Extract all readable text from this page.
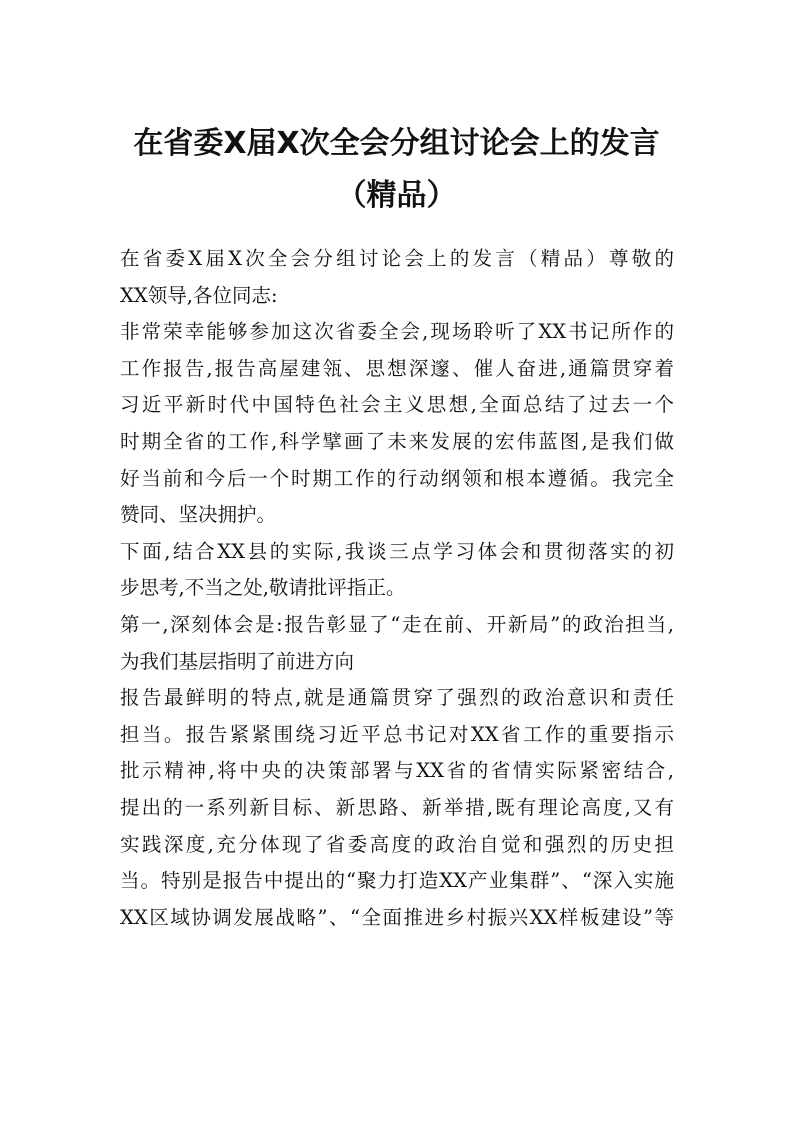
在省委X届X次全会分组讨论会上的发言
（精品）
在省委X届X次全会分组讨论会上的发言（精品）尊敬的
XX领导,各位同志:
非常荣幸能够参加这次省委全会,现场聆听了XX书记所作的
工作报告,报告高屋建瓴、思想深邃、催人奋进,通篇贯穿着
习近平新时代中国特色社会主义思想,全面总结了过去一个
时期全省的工作,科学擘画了未来发展的宏伟蓝图,是我们做
好当前和今后一个时期工作的行动纲领和根本遵循。我完全
赞同、坚决拥护。
下面,结合XX县的实际,我谈三点学习体会和贯彻落实的初
步思考,不当之处,敬请批评指正。
第一,深刻体会是:报告彰显了“走在前、开新局”的政治担当,
为我们基层指明了前进方向
报告最鲜明的特点,就是通篇贯穿了强烈的政治意识和责任
担当。报告紧紧围绕习近平总书记对XX省工作的重要指示
批示精神,将中央的决策部署与XX省的省情实际紧密结合,
提出的一系列新目标、新思路、新举措,既有理论高度,又有
实践深度,充分体现了省委高度的政治自觉和强烈的历史担
当。特别是报告中提出的“聚力打造XX产业集群”、“深入实施
XX区域协调发展战略”、“全面推进乡村振兴XX样板建设”等
